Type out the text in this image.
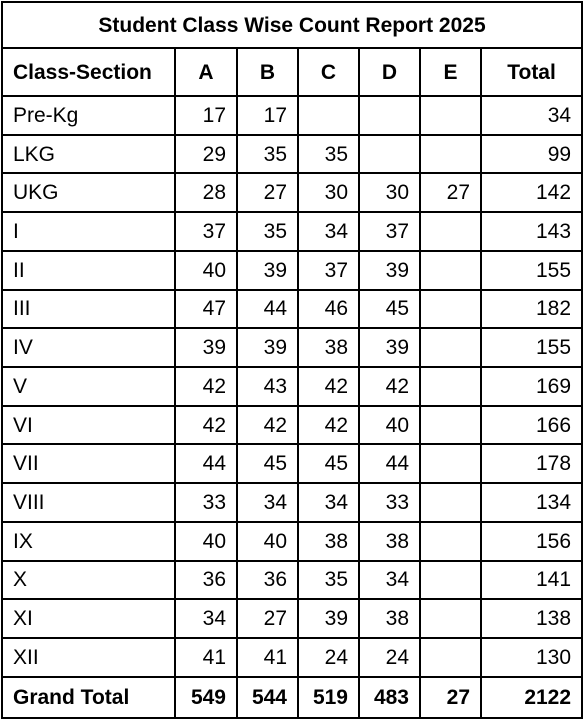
Student Class Wise Count Report 2025						
Class-Section	A	B	C	D	E	Total
Pre-Kg	17	17				34
LKG	29	35	35			99
UKG	28	27	30	30	27	142
I	37	35	34	37		143
II	40	39	37	39		155
III	47	44	46	45		182
IV	39	39	38	39		155
V	42	43	42	42		169
VI	42	42	42	40		166
VII	44	45	45	44		178
VIII	33	34	34	33		134
IX	40	40	38	38		156
X	36	36	35	34		141
XI	34	27	39	38		138
XII	41	41	24	24		130
Grand Total	549	544	519	483	27	2122
